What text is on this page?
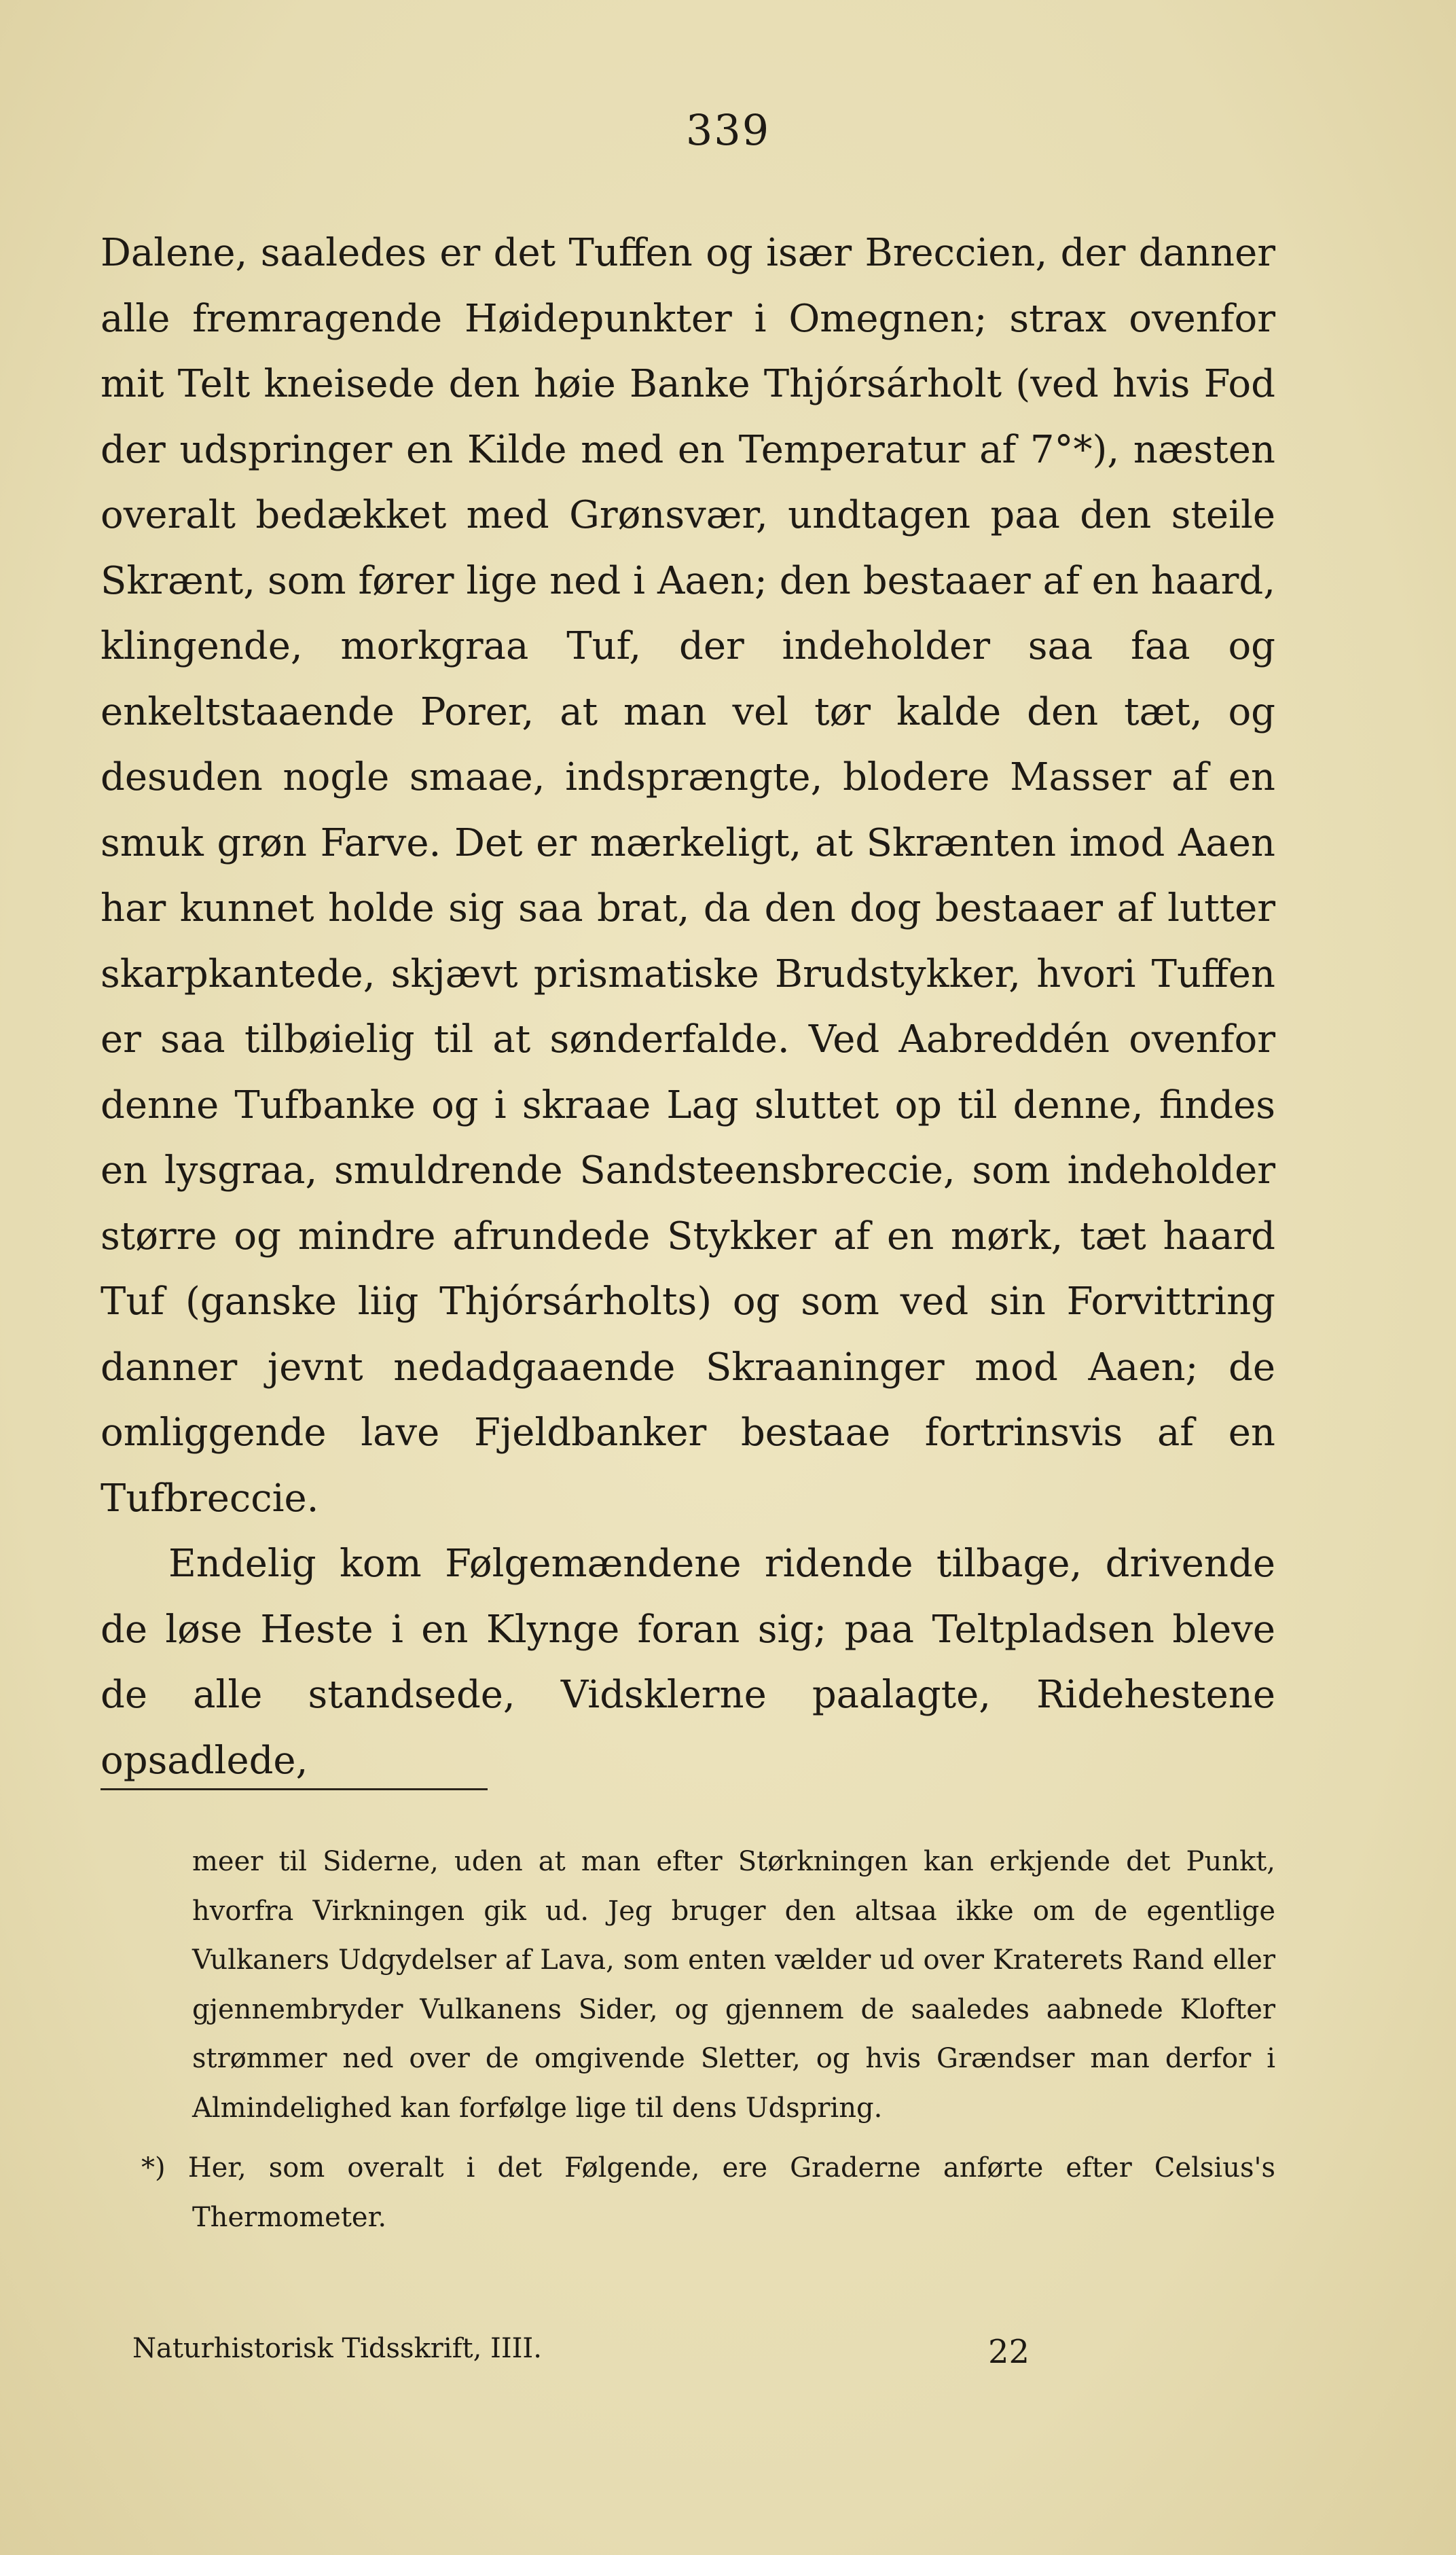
339

Dalene, saaledes er det Tuffen og især Breccien, der danner alle fremragende Høidepunkter i Omegnen; strax ovenfor mit Telt kneisede den høie Banke Thjórsárholt (ved hvis Fod der udspringer en Kilde med en Temperatur af 7°*), næsten overalt bedækket med Grønsvær, undtagen paa den steile Skrænt, som fører lige ned i Aaen; den bestaaer af en haard, klingende, morkgraa Tuf, der indeholder saa faa og enkeltstaaende Porer, at man vel tør kalde den tæt, og desuden nogle smaae, indsprængte, blodere Masser af en smuk grøn Farve. Det er mærkeligt, at Skrænten imod Aaen har kunnet holde sig saa brat, da den dog bestaaer af lutter skarpkantede, skjævt prismatiske Brudstykker, hvori Tuffen er saa tilbøielig til at sønderfalde. Ved Aabreddén ovenfor denne Tufbanke og i skraae Lag sluttet op til denne, findes en lysgraa, smuldrende Sandsteensbreccie, som indeholder større og mindre afrundede Stykker af en mørk, tæt haard Tuf (ganske liig Thjórsárholts) og som ved sin Forvittring danner jevnt nedadgaaende Skraaninger mod Aaen; de omliggende lave Fjeldbanker bestaae fortrinsvis af en Tufbreccie.

Endelig kom Følgemændene ridende tilbage, drivende de løse Heste i en Klynge foran sig; paa Teltpladsen bleve de alle standsede, Vidsklerne paalagte, Ridehestene opsadlede,

meer til Siderne, uden at man efter Størkningen kan erkjende det Punkt, hvorfra Virkningen gik ud. Jeg bruger den altsaa ikke om de egentlige Vulkaners Udgydelser af Lava, som enten vælder ud over Kraterets Rand eller gjennembryder Vulkanens Sider, og gjennem de saaledes aabnede Klofter strømmer ned over de omgivende Sletter, og hvis Grændser man derfor i Almindelighed kan forfølge lige til dens Udspring.

*) Her, som overalt i det Følgende, ere Graderne anførte efter Celsius's Thermometer.

Naturhistorisk Tidsskrift, IIII.	22
